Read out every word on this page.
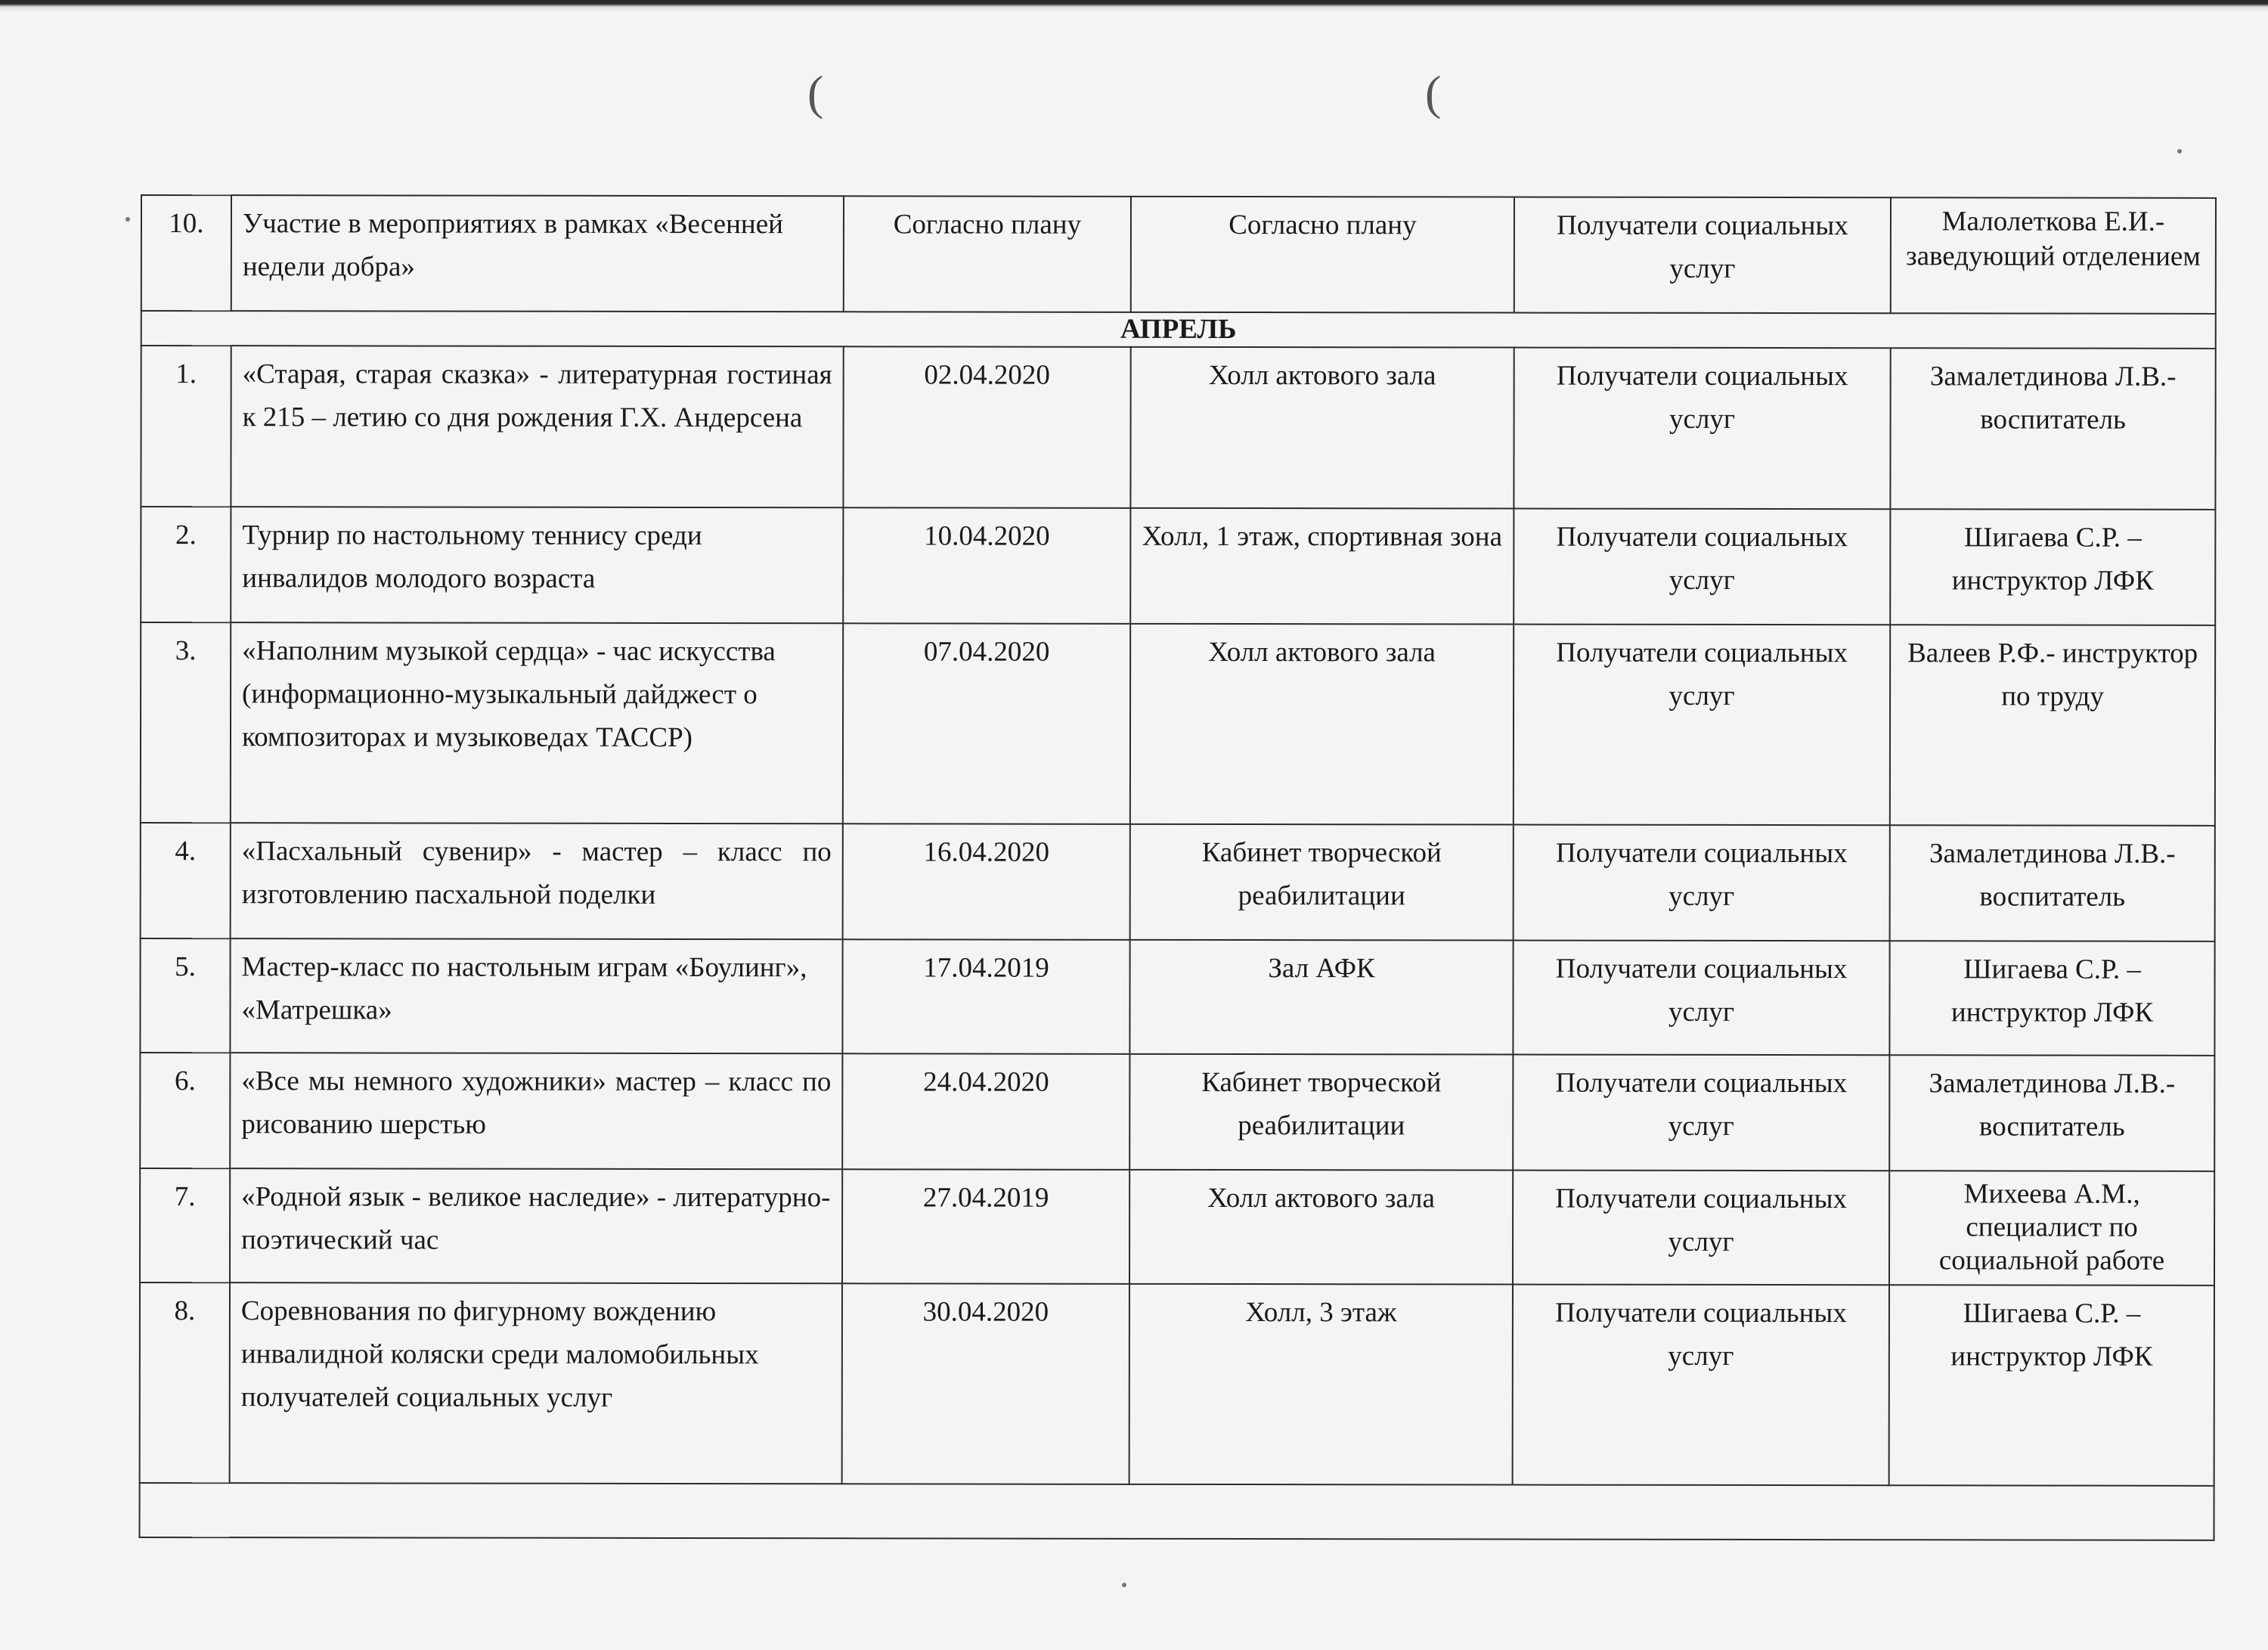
(	(
10.	Участие в мероприятиях в рамках «Весенней недели добра»	Согласно плану	Согласно плану	Получатели социальных услуг	Малолеткова Е.И.- заведующий отделением
АПРЕЛЬ					
1.	«Старая, старая сказка» - литературная гостиная к 215 – летию со дня рождения Г.Х. Андерсена	02.04.2020	Холл актового зала	Получатели социальных услуг	Замалетдинова Л.В.-воспитатель
2.	Турнир по настольному теннису среди инвалидов молодого возраста	10.04.2020	Холл, 1 этаж, спортивная зона	Получатели социальных услуг	Шигаева С.Р. – инструктор ЛФК
3.	«Наполним музыкой сердца» - час искусства (информационно-музыкальный дайджест о композиторах и музыковедах ТАССР)	07.04.2020	Холл актового зала	Получатели социальных услуг	Валеев Р.Ф.- инструктор по труду
4.	«Пасхальный сувенир» - мастер – класс по изготовлению пасхальной поделки	16.04.2020	Кабинет творческой реабилитации	Получатели социальных услуг	Замалетдинова Л.В.-воспитатель
5.	Мастер-класс по настольным играм «Боулинг», «Матрешка»	17.04.2019	Зал АФК	Получатели социальных услуг	Шигаева С.Р. – инструктор ЛФК
6.	«Все мы немного художники» мастер – класс по рисованию шерстью	24.04.2020	Кабинет творческой реабилитации	Получатели социальных услуг	Замалетдинова Л.В.-воспитатель
7.	«Родной язык - великое наследие» - литературно-поэтический час	27.04.2019	Холл актового зала	Получатели социальных услуг	Михеева А.М., специалист по социальной работе
8.	Соревнования по фигурному вождению инвалидной коляски среди маломобильных получателей социальных услуг	30.04.2020	Холл, 3 этаж	Получатели социальных услуг	Шигаева С.Р. – инструктор ЛФК
